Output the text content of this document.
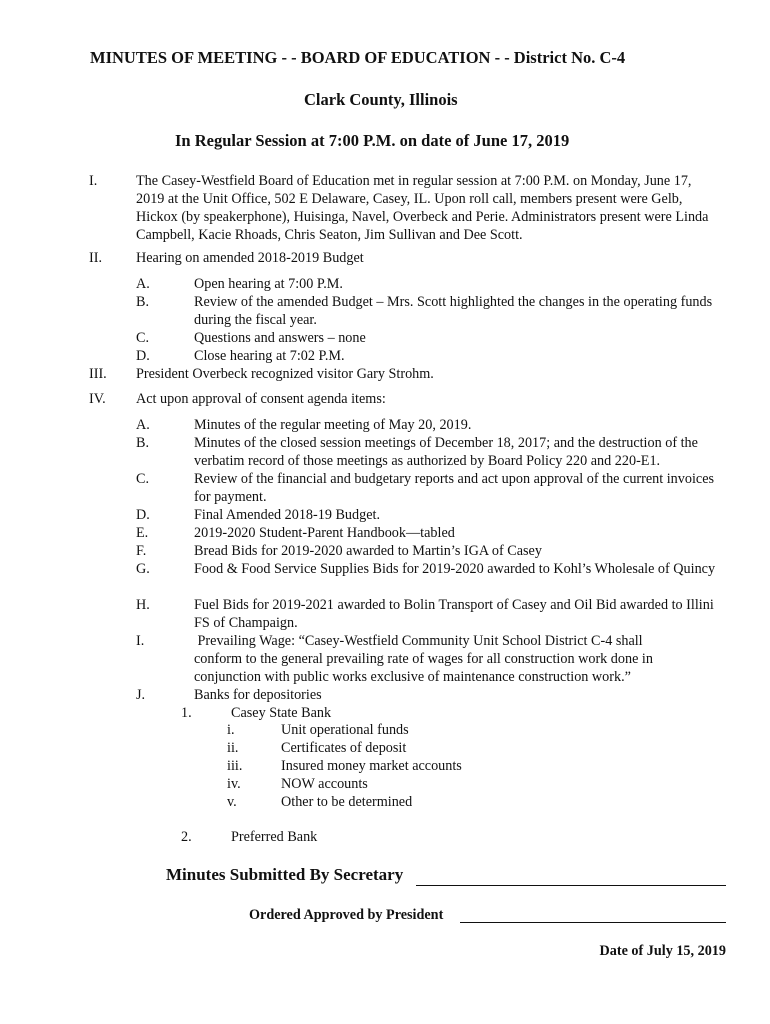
MINUTES OF MEETING - - BOARD OF EDUCATION - - District No. C-4
Clark County, Illinois
In Regular Session at 7:00 P.M. on date of June 17, 2019
I.	The Casey-Westfield Board of Education met in regular session at 7:00 P.M. on Monday, June 17, 2019 at the Unit Office, 502 E Delaware, Casey, IL. Upon roll call, members present were Gelb, Hickox (by speakerphone), Huisinga, Navel, Overbeck and Perie. Administrators present were Linda Campbell, Kacie Rhoads, Chris Seaton, Jim Sullivan and Dee Scott.
II. Hearing on amended 2018-2019 Budget
A.	Open hearing at 7:00 P.M.
B.	Review of the amended Budget – Mrs. Scott highlighted the changes in the operating funds during the fiscal year.
C.	Questions and answers – none
D.	Close hearing at 7:02 P.M.
III. President Overbeck recognized visitor Gary Strohm.
IV. Act upon approval of consent agenda items:
A.	Minutes of the regular meeting of May 20, 2019.
B.	Minutes of the closed session meetings of December 18, 2017; and the destruction of the verbatim record of those meetings as authorized by Board Policy 220 and 220-E1.
C.	Review of the financial and budgetary reports and act upon approval of the current invoices for payment.
D.	Final Amended 2018-19 Budget.
E.	2019-2020 Student-Parent Handbook—tabled
F.	Bread Bids for 2019-2020 awarded to Martin’s IGA of Casey
G.	Food & Food Service Supplies Bids for 2019-2020 awarded to Kohl’s Wholesale of Quincy
H.	Fuel Bids for 2019-2021 awarded to Bolin Transport of Casey and Oil Bid awarded to Illini FS of Champaign.
I.	Prevailing Wage: “Casey-Westfield Community Unit School District C-4 shall conform to the general prevailing rate of wages for all construction work done in conjunction with public works exclusive of maintenance construction work.”
J.	Banks for depositories
1.	Casey State Bank
i.	Unit operational funds
ii.	Certificates of deposit
iii.	Insured money market accounts
iv.	NOW accounts
v.	Other to be determined
2.	Preferred Bank
Minutes Submitted By Secretary
Ordered Approved by President
Date of July 15, 2019
